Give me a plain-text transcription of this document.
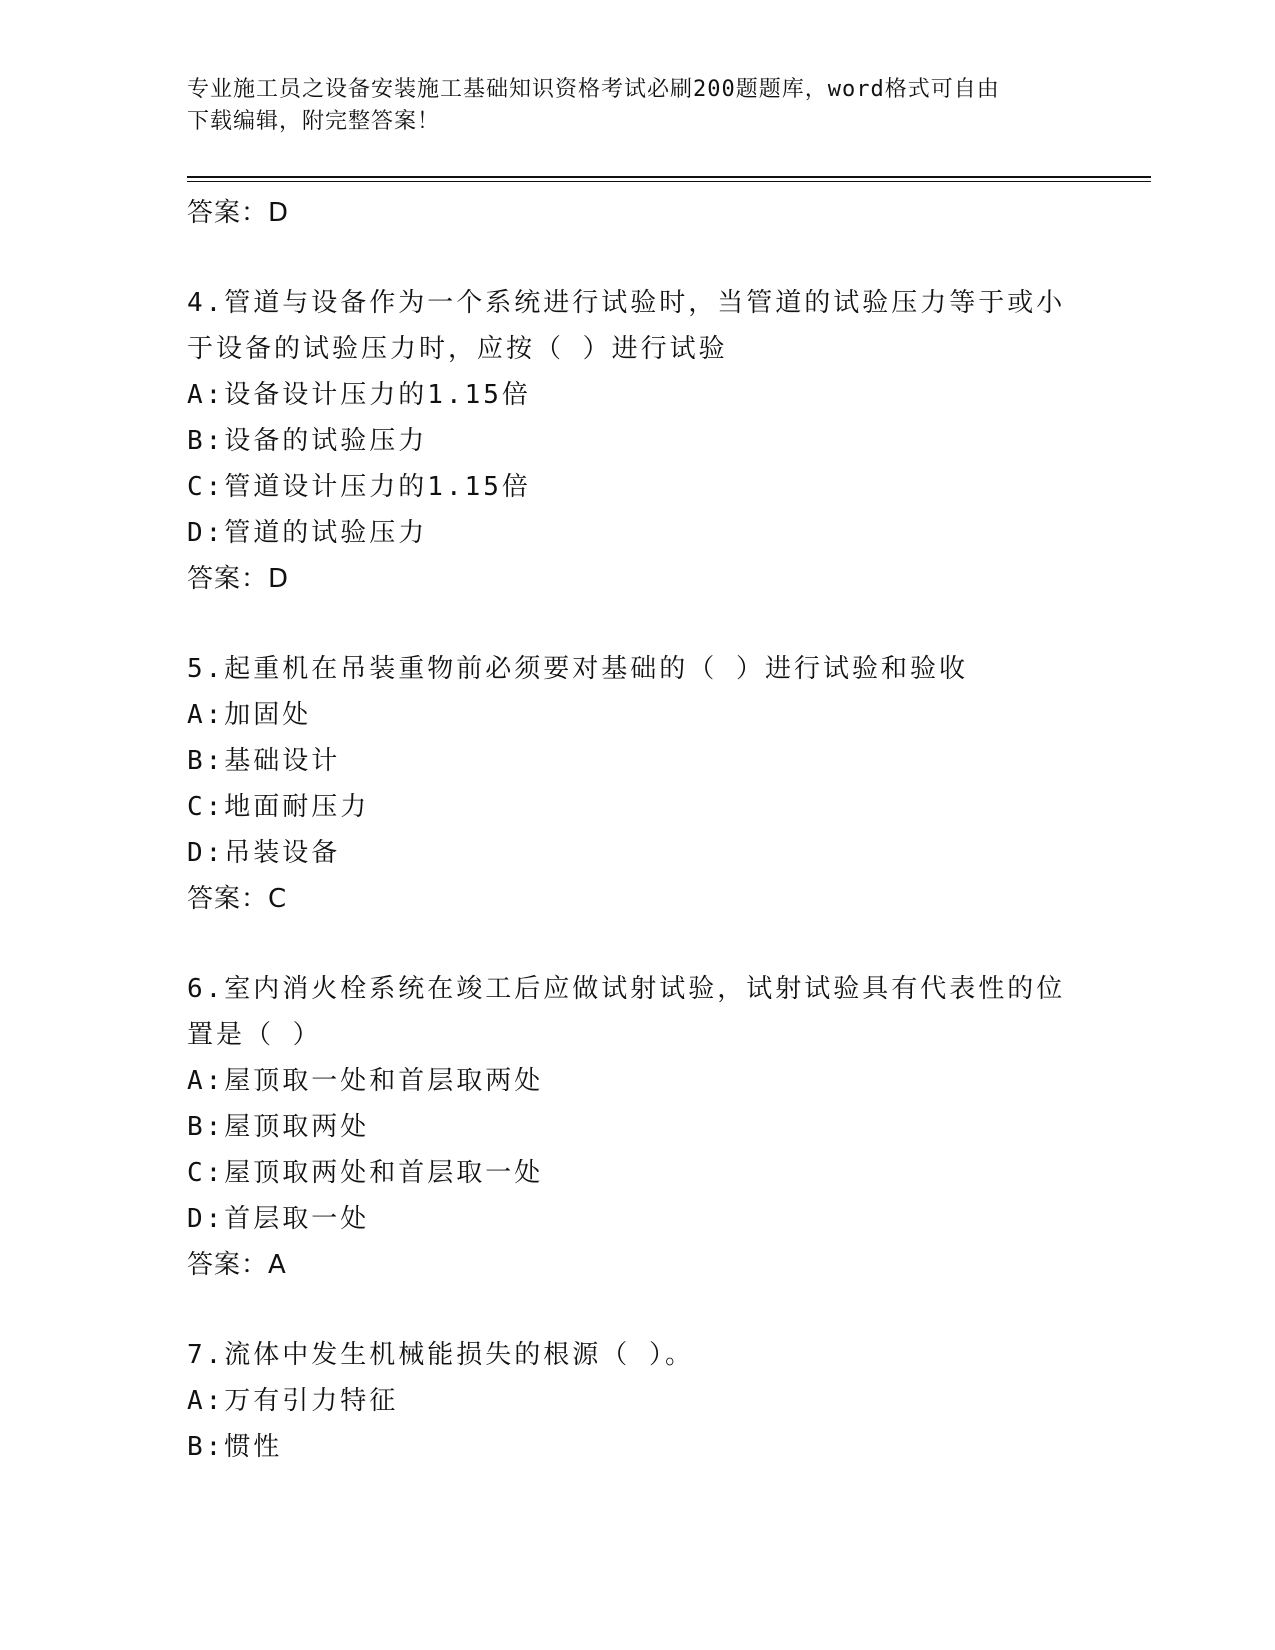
专业施工员之设备安装施工基础知识资格考试必刷200题题库，word格式可自由
下载编辑，附完整答案！
答案：D
4.管道与设备作为一个系统进行试验时，当管道的试验压力等于或小
于设备的试验压力时，应按（ ）进行试验
A:设备设计压力的1.15倍
B:设备的试验压力
C:管道设计压力的1.15倍
D:管道的试验压力
答案：D
5.起重机在吊装重物前必须要对基础的（ ）进行试验和验收
A:加固处
B:基础设计
C:地面耐压力
D:吊装设备
答案：C
6.室内消火栓系统在竣工后应做试射试验，试射试验具有代表性的位
置是（ ）
A:屋顶取一处和首层取两处
B:屋顶取两处
C:屋顶取两处和首层取一处
D:首层取一处
答案：A
7.流体中发生机械能损失的根源（ ）。
A:万有引力特征
B:惯性
